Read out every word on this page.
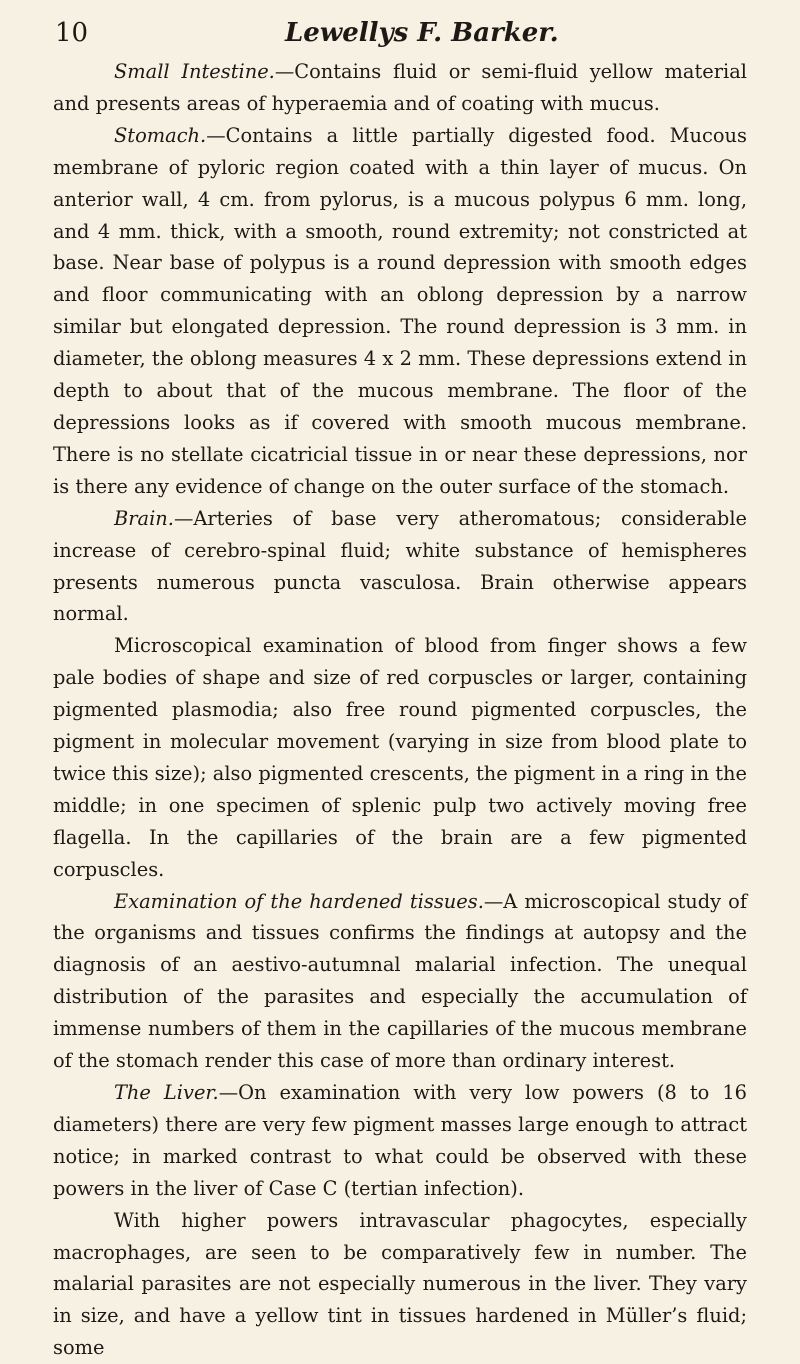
10	Lewellys F. Barker.

Small Intestine.—Contains fluid or semi-fluid yellow material and presents areas of hyperaemia and of coating with mucus.

Stomach.—Contains a little partially digested food. Mucous membrane of pyloric region coated with a thin layer of mucus. On anterior wall, 4 cm. from pylorus, is a mucous polypus 6 mm. long, and 4 mm. thick, with a smooth, round extremity; not constricted at base. Near base of polypus is a round depression with smooth edges and floor communicating with an oblong depression by a narrow similar but elongated depression. The round depression is 3 mm. in diameter, the oblong measures 4 x 2 mm. These depressions extend in depth to about that of the mucous membrane. The floor of the depressions looks as if covered with smooth mucous membrane. There is no stellate cicatricial tissue in or near these depressions, nor is there any evidence of change on the outer surface of the stomach.

Brain.—Arteries of base very atheromatous; considerable increase of cerebro-spinal fluid; white substance of hemispheres presents numerous puncta vasculosa. Brain otherwise appears normal.

Microscopical examination of blood from finger shows a few pale bodies of shape and size of red corpuscles or larger, containing pigmented plasmodia; also free round pigmented corpuscles, the pigment in molecular movement (varying in size from blood plate to twice this size); also pigmented crescents, the pigment in a ring in the middle; in one specimen of splenic pulp two actively moving free flagella. In the capillaries of the brain are a few pigmented corpuscles.

Examination of the hardened tissues.—A microscopical study of the organisms and tissues confirms the findings at autopsy and the diagnosis of an aestivo-autumnal malarial infection. The unequal distribution of the parasites and especially the accumulation of immense numbers of them in the capillaries of the mucous membrane of the stomach render this case of more than ordinary interest.

The Liver.—On examination with very low powers (8 to 16 diameters) there are very few pigment masses large enough to attract notice; in marked contrast to what could be observed with these powers in the liver of Case C (tertian infection).

With higher powers intravascular phagocytes, especially macrophages, are seen to be comparatively few in number. The malarial parasites are not especially numerous in the liver. They vary in size, and have a yellow tint in tissues hardened in Müller’s fluid; some
